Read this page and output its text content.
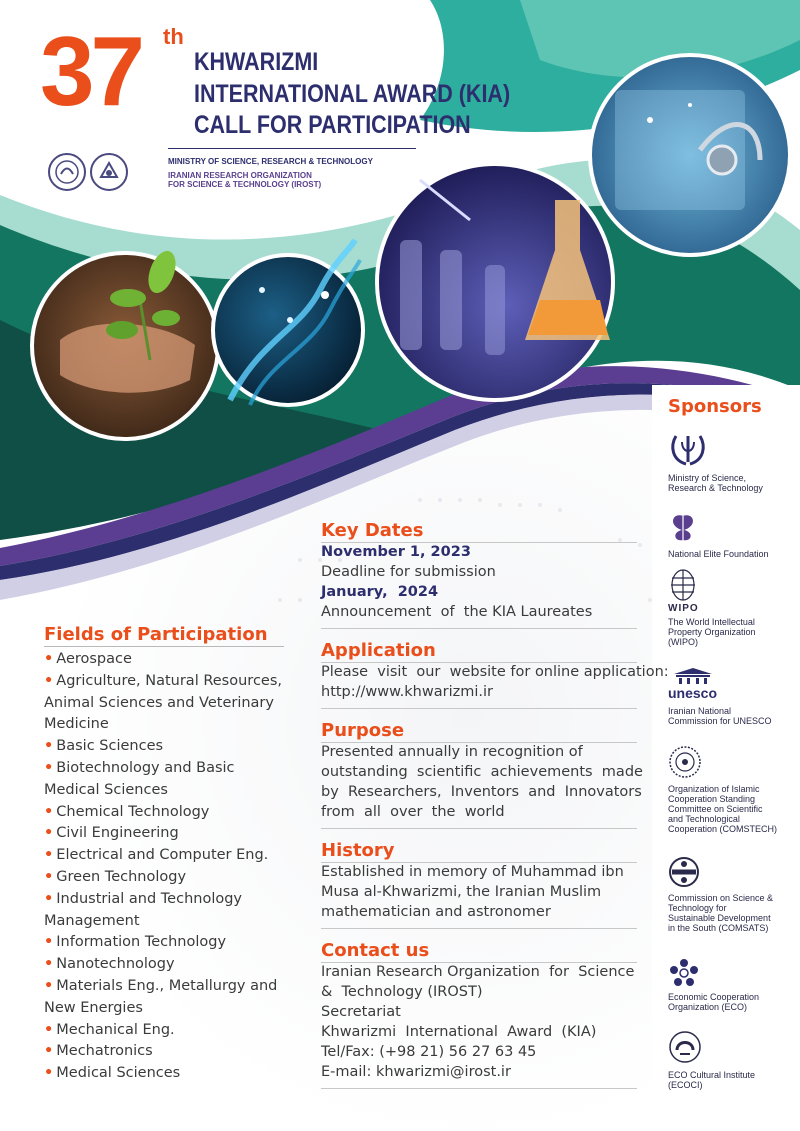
37 th
KHWARIZMI
INTERNATIONAL AWARD (KIA)
CALL FOR PARTICIPATION
MINISTRY OF SCIENCE, RESEARCH & TECHNOLOGY
IRANIAN RESEARCH ORGANIZATION
FOR SCIENCE & TECHNOLOGY (IROST)
Fields of Participation
• Aerospace
• Agriculture, Natural Resources, Animal Sciences and Veterinary Medicine
• Basic Sciences
• Biotechnology and Basic Medical Sciences
• Chemical Technology
• Civil Engineering
• Electrical and Computer Eng.
• Green Technology
• Industrial and Technology Management
• Information Technology
• Nanotechnology
• Materials Eng., Metallurgy and New Energies
• Mechanical Eng.
• Mechatronics
• Medical Sciences
Key Dates
November 1, 2023
Deadline for submission
January,  2024
Announcement  of  the KIA Laureates
Application
Please  visit  our  website for online application:
http://www.khwarizmi.ir
Purpose
Presented annually in recognition of
outstanding  scientific  achievements  made
by  Researchers,  Inventors  and  Innovators
from  all  over  the  world
History
Established in memory of Muhammad ibn
Musa al-Khwarizmi, the Iranian Muslim
mathematician and astronomer
Contact us
Iranian Research Organization  for  Science
&  Technology (IROST)
Secretariat
Khwarizmi  International  Award  (KIA)
Tel/Fax: (+98 21) 56 27 63 45
E-mail: khwarizmi@irost.ir
Sponsors
Ministry of Science,
Research & Technology
National Elite Foundation
WIPO
The World Intellectual
Property Organization
(WIPO)
unesco
Iranian National
Commission for UNESCO
Organization of Islamic
Cooperation Standing
Committee on Scientific
and Technological
Cooperation (COMSTECH)
Commission on Science &
Technology for
Sustainable Development
in the South (COMSATS)
Economic Cooperation
Organization (ECO)
ECO Cultural Institute
(ECOCI)
